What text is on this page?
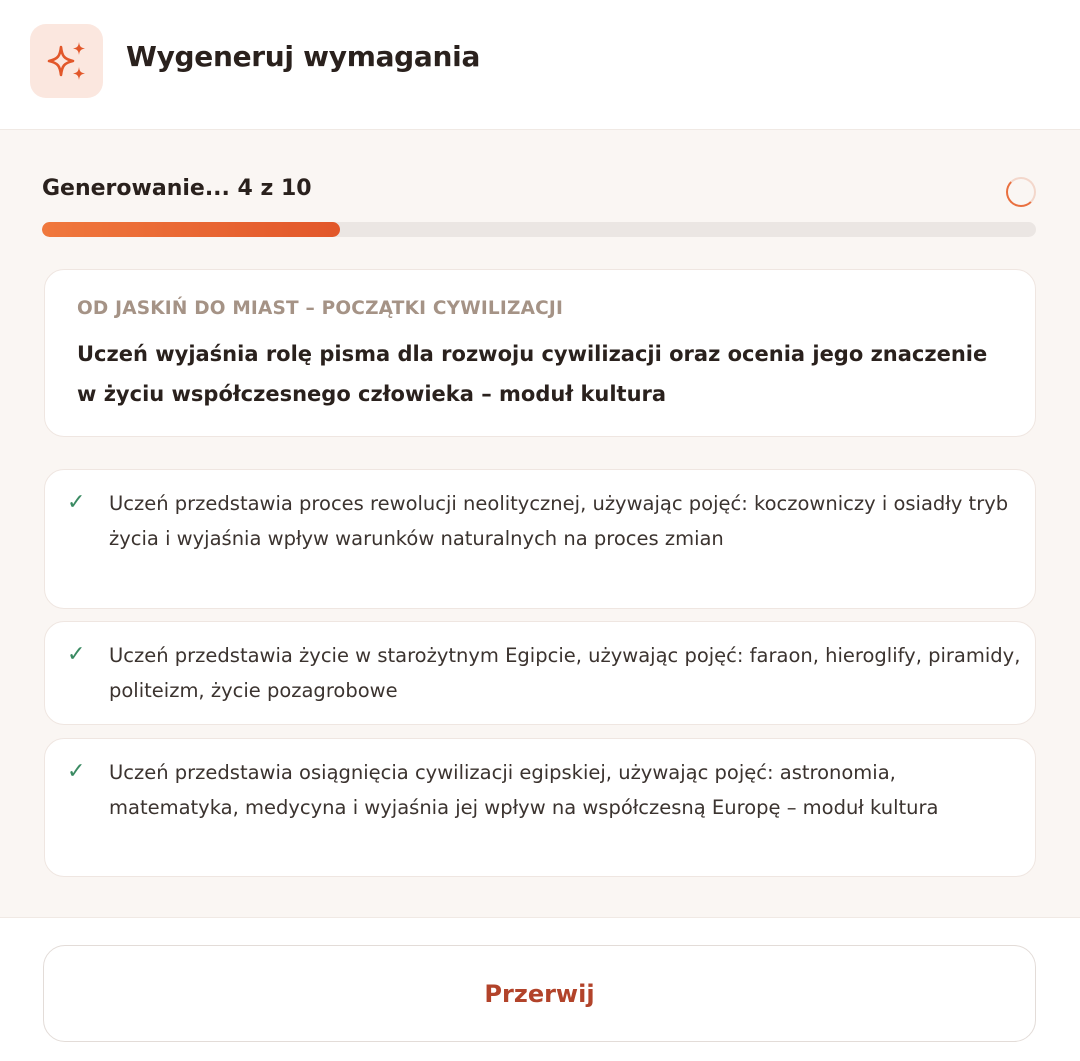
Wygeneruj wymagania
Generowanie... 4 z 10
OD JASKIŃ DO MIAST – POCZĄTKI CYWILIZACJI
Uczeń wyjaśnia rolę pisma dla rozwoju cywilizacji oraz ocenia jego znaczenie w życiu współczesnego człowieka – moduł kultura
✓ Uczeń przedstawia proces rewolucji neolitycznej, używając pojęć: koczowniczy i osiadły tryb życia i wyjaśnia wpływ warunków naturalnych na proces zmian
✓ Uczeń przedstawia życie w starożytnym Egipcie, używając pojęć: faraon, hieroglify, piramidy, politeizm, życie pozagrobowe
✓ Uczeń przedstawia osiągnięcia cywilizacji egipskiej, używając pojęć: astronomia, matematyka, medycyna i wyjaśnia jej wpływ na współczesną Europę – moduł kultura
Przerwij
